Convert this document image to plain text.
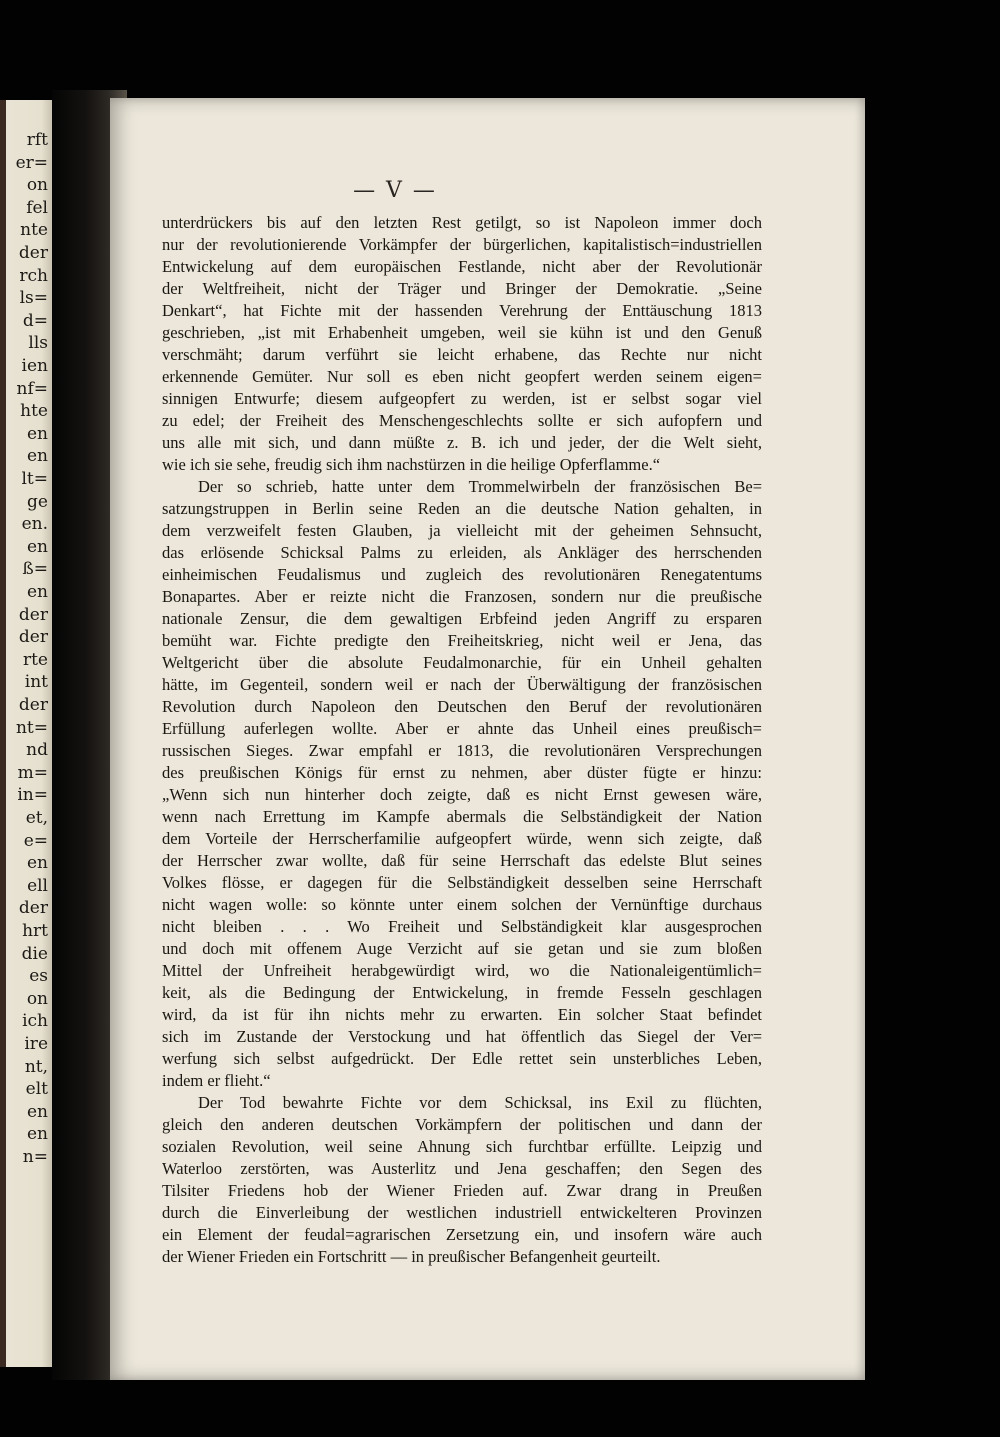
rft
er=
on
fel
nte
der
rch
ls=
d=
lls
ien
nf=
hte
en
en
lt=
ge
en.
en
ß=
en
der
der
rte
int
der
nt=
nd
m=
in=
et,
e=
en
ell
der
hrt
die
es
on
ich
ire
nt,
elt
en
en
n=
— V —
unterdrückers bis auf den letzten Rest getilgt, so ist Napoleon immer doch
nur der revolutionierende Vorkämpfer der bürgerlichen, kapitalistisch=industriellen
Entwickelung auf dem europäischen Festlande, nicht aber der Revolutionär
der Weltfreiheit, nicht der Träger und Bringer der Demokratie. „Seine
Denkart“, hat Fichte mit der hassenden Verehrung der Enttäuschung 1813
geschrieben, „ist mit Erhabenheit umgeben, weil sie kühn ist und den Genuß
verschmäht; darum verführt sie leicht erhabene, das Rechte nur nicht
erkennende Gemüter. Nur soll es eben nicht geopfert werden seinem eigen=
sinnigen Entwurfe; diesem aufgeopfert zu werden, ist er selbst sogar viel
zu edel; der Freiheit des Menschengeschlechts sollte er sich aufopfern und
uns alle mit sich, und dann müßte z. B. ich und jeder, der die Welt sieht,
wie ich sie sehe, freudig sich ihm nachstürzen in die heilige Opferflamme.“
Der so schrieb, hatte unter dem Trommelwirbeln der französischen Be=
satzungstruppen in Berlin seine Reden an die deutsche Nation gehalten, in
dem verzweifelt festen Glauben, ja vielleicht mit der geheimen Sehnsucht,
das erlösende Schicksal Palms zu erleiden, als Ankläger des herrschenden
einheimischen Feudalismus und zugleich des revolutionären Renegatentums
Bonapartes. Aber er reizte nicht die Franzosen, sondern nur die preußische
nationale Zensur, die dem gewaltigen Erbfeind jeden Angriff zu ersparen
bemüht war. Fichte predigte den Freiheitskrieg, nicht weil er Jena, das
Weltgericht über die absolute Feudalmonarchie, für ein Unheil gehalten
hätte, im Gegenteil, sondern weil er nach der Überwältigung der französischen
Revolution durch Napoleon den Deutschen den Beruf der revolutionären
Erfüllung auferlegen wollte. Aber er ahnte das Unheil eines preußisch=
russischen Sieges. Zwar empfahl er 1813, die revolutionären Versprechungen
des preußischen Königs für ernst zu nehmen, aber düster fügte er hinzu:
„Wenn sich nun hinterher doch zeigte, daß es nicht Ernst gewesen wäre,
wenn nach Errettung im Kampfe abermals die Selbständigkeit der Nation
dem Vorteile der Herrscherfamilie aufgeopfert würde, wenn sich zeigte, daß
der Herrscher zwar wollte, daß für seine Herrschaft das edelste Blut seines
Volkes flösse, er dagegen für die Selbständigkeit desselben seine Herrschaft
nicht wagen wolle: so könnte unter einem solchen der Vernünftige durchaus
nicht bleiben . . . Wo Freiheit und Selbständigkeit klar ausgesprochen
und doch mit offenem Auge Verzicht auf sie getan und sie zum bloßen
Mittel der Unfreiheit herabgewürdigt wird, wo die Nationaleigentümlich=
keit, als die Bedingung der Entwickelung, in fremde Fesseln geschlagen
wird, da ist für ihn nichts mehr zu erwarten. Ein solcher Staat befindet
sich im Zustande der Verstockung und hat öffentlich das Siegel der Ver=
werfung sich selbst aufgedrückt. Der Edle rettet sein unsterbliches Leben,
indem er flieht.“
Der Tod bewahrte Fichte vor dem Schicksal, ins Exil zu flüchten,
gleich den anderen deutschen Vorkämpfern der politischen und dann der
sozialen Revolution, weil seine Ahnung sich furchtbar erfüllte. Leipzig und
Waterloo zerstörten, was Austerlitz und Jena geschaffen; den Segen des
Tilsiter Friedens hob der Wiener Frieden auf. Zwar drang in Preußen
durch die Einverleibung der westlichen industriell entwickelteren Provinzen
ein Element der feudal=agrarischen Zersetzung ein, und insofern wäre auch
der Wiener Frieden ein Fortschritt — in preußischer Befangenheit geurteilt.
